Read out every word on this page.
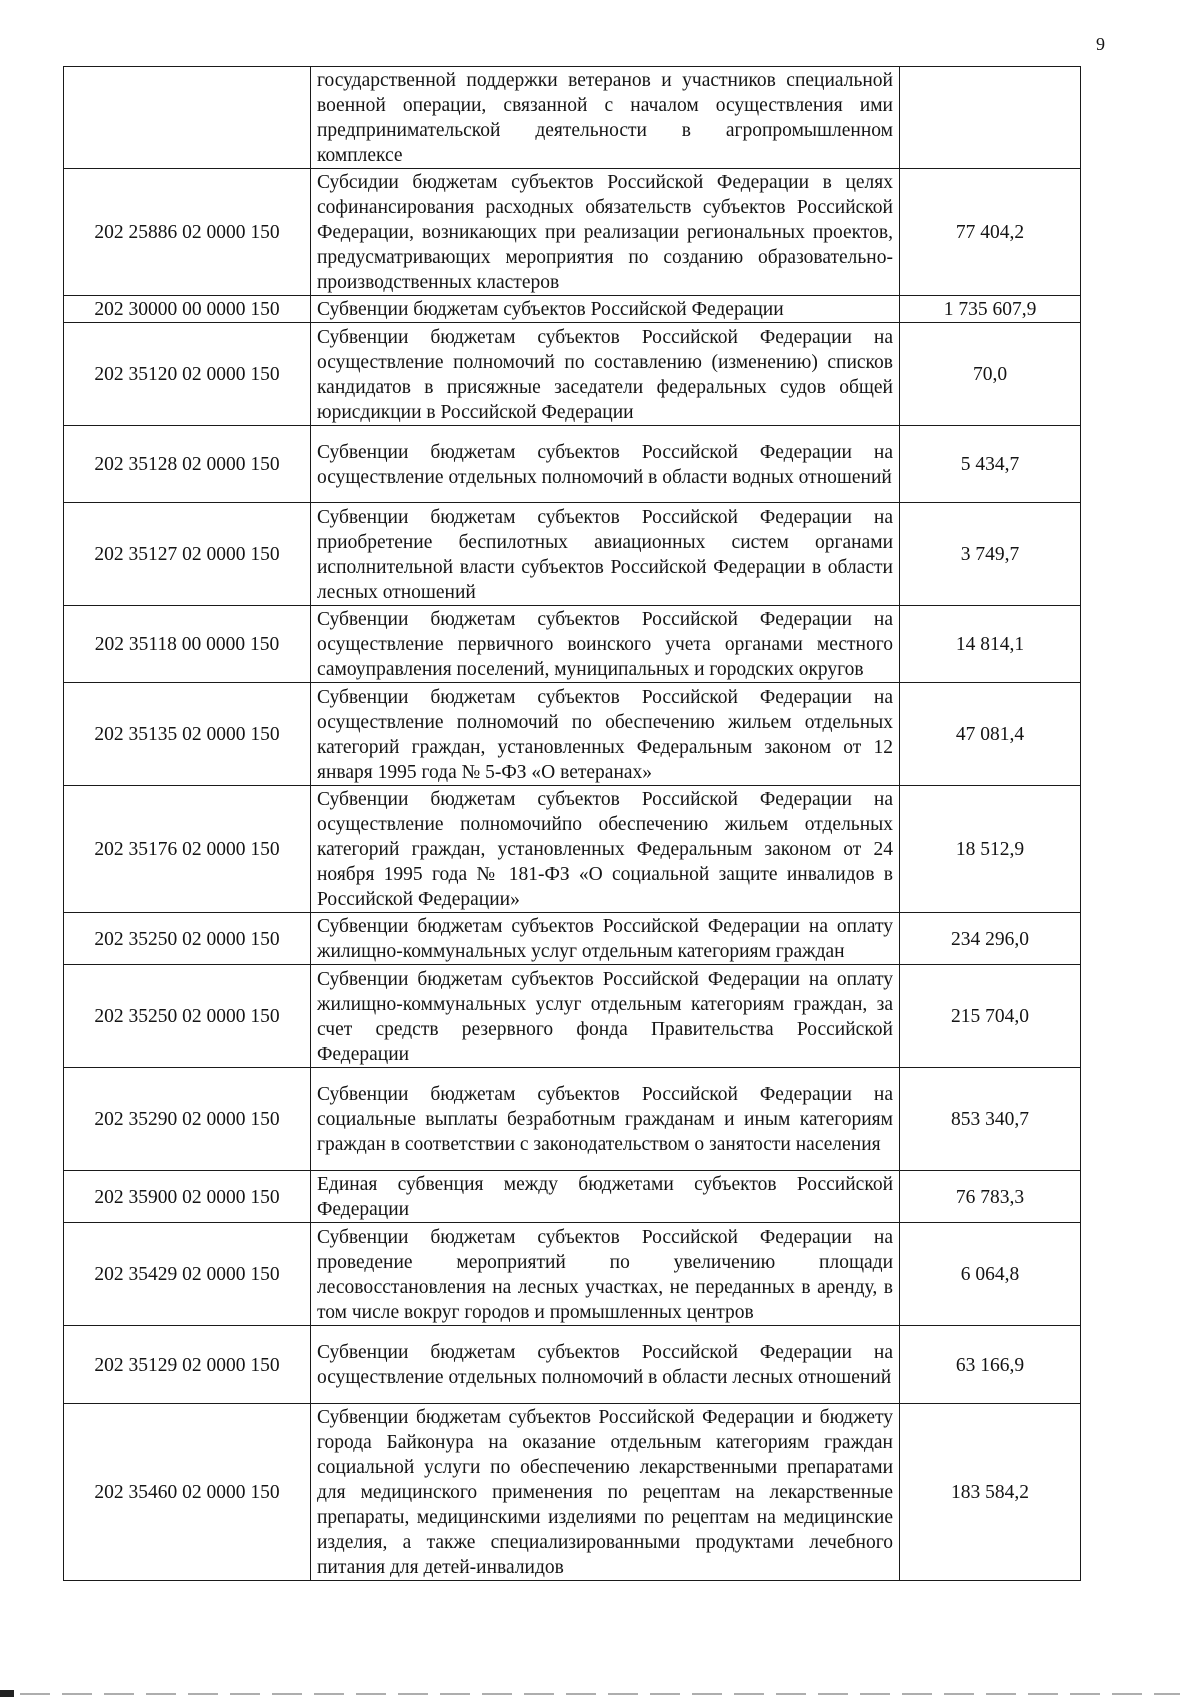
9
	государственной поддержки ветеранов и участников специальной военной операции, связанной с началом осуществления ими предпринимательской деятельности в агропромышленном комплексе	
202 25886 02 0000 150	Субсидии бюджетам субъектов Российской Федерации в целях софинансирования расходных обязательств субъектов Российской Федерации, возникающих при реализации региональных проектов, предусматривающих мероприятия по созданию образовательно-производственных кластеров	77 404,2
202 30000 00 0000 150	Субвенции бюджетам субъектов Российской Федерации	1 735 607,9
202 35120 02 0000 150	Субвенции бюджетам субъектов Российской Федерации на осуществление полномочий по составлению (изменению) списков кандидатов в присяжные заседатели федеральных судов общей юрисдикции в Российской Федерации	70,0
202 35128 02 0000 150	Субвенции бюджетам субъектов Российской Федерации на осуществление отдельных полномочий в области водных отношений	5 434,7
202 35127 02 0000 150	Субвенции бюджетам субъектов Российской Федерации на приобретение беспилотных авиационных систем органами исполнительной власти субъектов Российской Федерации в области лесных отношений	3 749,7
202 35118 00 0000 150	Субвенции бюджетам субъектов Российской Федерации на осуществление первичного воинского учета органами местного самоуправления поселений, муниципальных и городских округов	14 814,1
202 35135 02 0000 150	Субвенции бюджетам субъектов Российской Федерации на осуществление полномочий по обеспечению жильем отдельных категорий граждан, установленных Федеральным законом от 12 января 1995 года № 5-ФЗ «О ветеранах»	47 081,4
202 35176 02 0000 150	Субвенции бюджетам субъектов Российской Федерации на осуществление полномочийпо обеспечению жильем отдельных категорий граждан, установленных Федеральным законом от 24 ноября 1995 года № 181-ФЗ «О социальной защите инвалидов в Российской Федерации»	18 512,9
202 35250 02 0000 150	Субвенции бюджетам субъектов Российской Федерации на оплату жилищно-коммунальных услуг отдельным категориям граждан	234 296,0
202 35250 02 0000 150	Субвенции бюджетам субъектов Российской Федерации на оплату жилищно-коммунальных услуг отдельным категориям граждан, за счет средств резервного фонда Правительства Российской Федерации	215 704,0
202 35290 02 0000 150	Субвенции бюджетам субъектов Российской Федерации на социальные выплаты безработным гражданам и иным категориям граждан в соответствии с законодательством о занятости населения	853 340,7
202 35900 02 0000 150	Единая субвенция между бюджетами субъектов Российской Федерации	76 783,3
202 35429 02 0000 150	Субвенции бюджетам субъектов Российской Федерации на проведение мероприятий по увеличению площади лесовосстановления на лесных участках, не переданных в аренду, в том числе вокруг городов и промышленных центров	6 064,8
202 35129 02 0000 150	Субвенции бюджетам субъектов Российской Федерации на осуществление отдельных полномочий в области лесных отношений	63 166,9
202 35460 02 0000 150	Субвенции бюджетам субъектов Российской Федерации и бюджету города Байконура на оказание отдельным категориям граждан социальной услуги по обеспечению лекарственными препаратами для медицинского применения по рецептам на лекарственные препараты, медицинскими изделиями по рецептам на медицинские изделия, а также специализированными продуктами лечебного питания для детей-инвалидов	183 584,2
